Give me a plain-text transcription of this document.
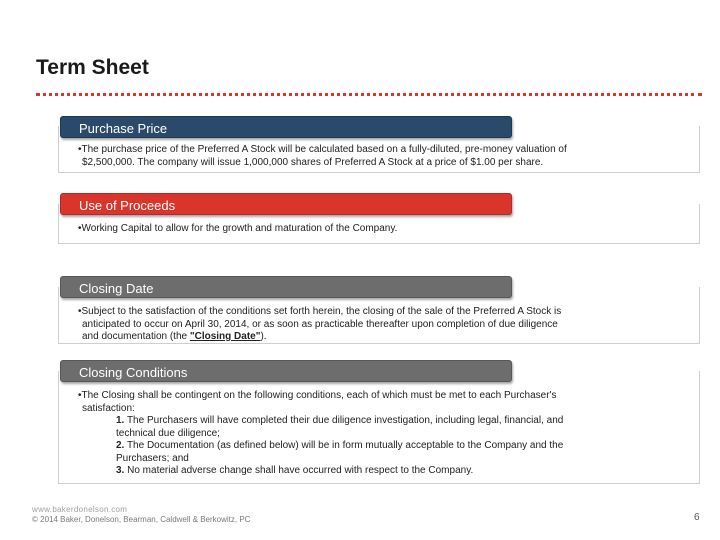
Term Sheet
Purchase Price
•The purchase price of the Preferred A Stock will be calculated based on a fully-diluted, pre-money valuation of

$2,500,000. The company will issue 1,000,000 shares of Preferred A Stock at a price of $1.00 per share.
Use of Proceeds
•Working Capital to allow for the growth and maturation of the Company.
Closing Date
•Subject to the satisfaction of the conditions set forth herein, the closing of the sale of the Preferred A Stock is

anticipated to occur on April 30, 2014, or as soon as practicable thereafter upon completion of due diligence
and documentation (the "Closing Date").
Closing Conditions
•The Closing shall be contingent on the following conditions, each of which must be met to each Purchaser's

satisfaction:
1. The Purchasers will have completed their due diligence investigation, including legal, financial, and
technical due diligence;
2. The Documentation (as defined below) will be in form mutually acceptable to the Company and the
Purchasers; and
3. No material adverse change shall have occurred with respect to the Company.
www.bakerdonelson.com
© 2014 Baker, Donelson, Bearman, Caldwell & Berkowitz, PC	6
